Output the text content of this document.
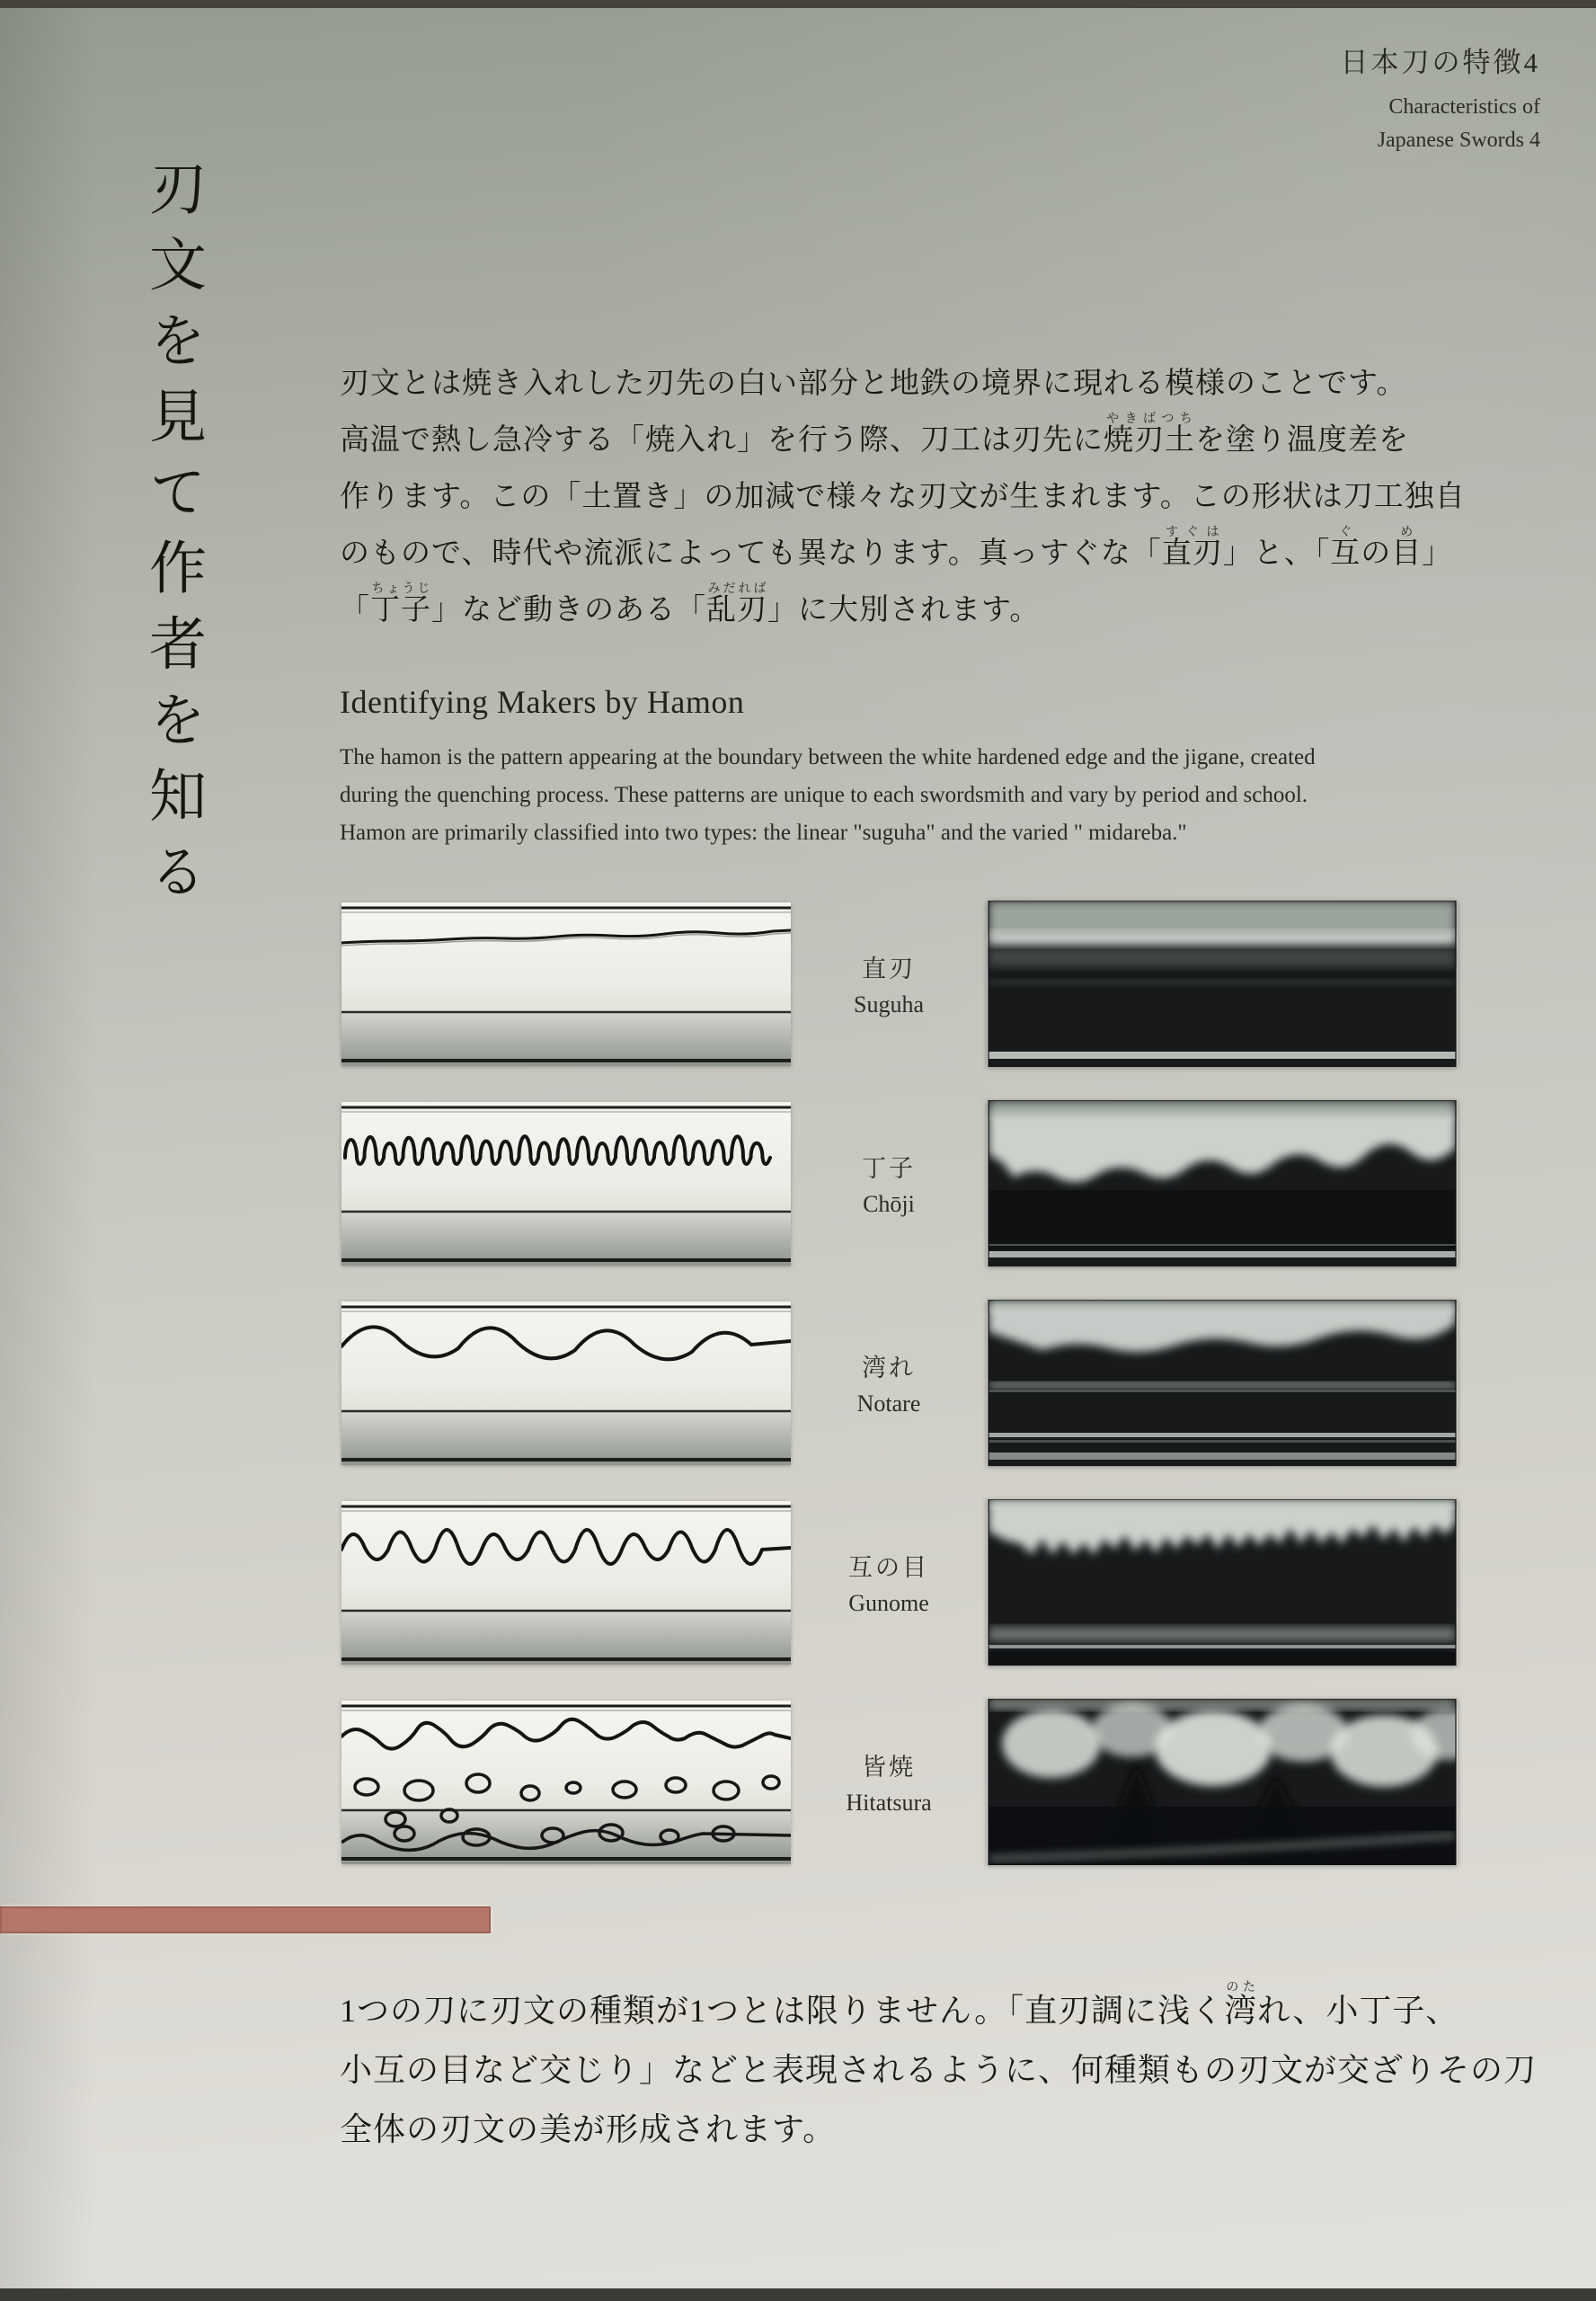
日本刀の特徴4
Characteristics of
Japanese Swords 4
刃文を見て作者を知る	刃文とは焼き入れした刃先の白い部分と地鉄の境界に現れる模様のことです。
高温で熱し急冷する「焼入れ」を行う際、刀工は刃先に焼刃土やきばつちを塗り温度差を
作ります。この「土置き」の加減で様々な刃文が生まれます。この形状は刀工独自
のもので、時代や流派によっても異なります。真っすぐな「直刃すぐは」と、「互ぐの目め」
「丁子ちょうじ」など動きのある「乱刃みだれば」に大別されます。
Identifying Makers by Hamon
The hamon is the pattern appearing at the boundary between the white hardened edge and the jigane, created
during the quenching process. These patterns are unique to each swordsmith and vary by period and school.
Hamon are primarily classified into two types: the linear "suguha" and the varied " midareba."
直刃
Suguha
丁子
Chōji
湾れ
Notare
互の目
Gunome
皆焼
Hitatsura
1つの刀に刃文の種類が1つとは限りません。「直刃調に浅く湾のたれ、小丁子、
小互の目など交じり」などと表現されるように、何種類もの刃文が交ざりその刀
全体の刃文の美が形成されます。
